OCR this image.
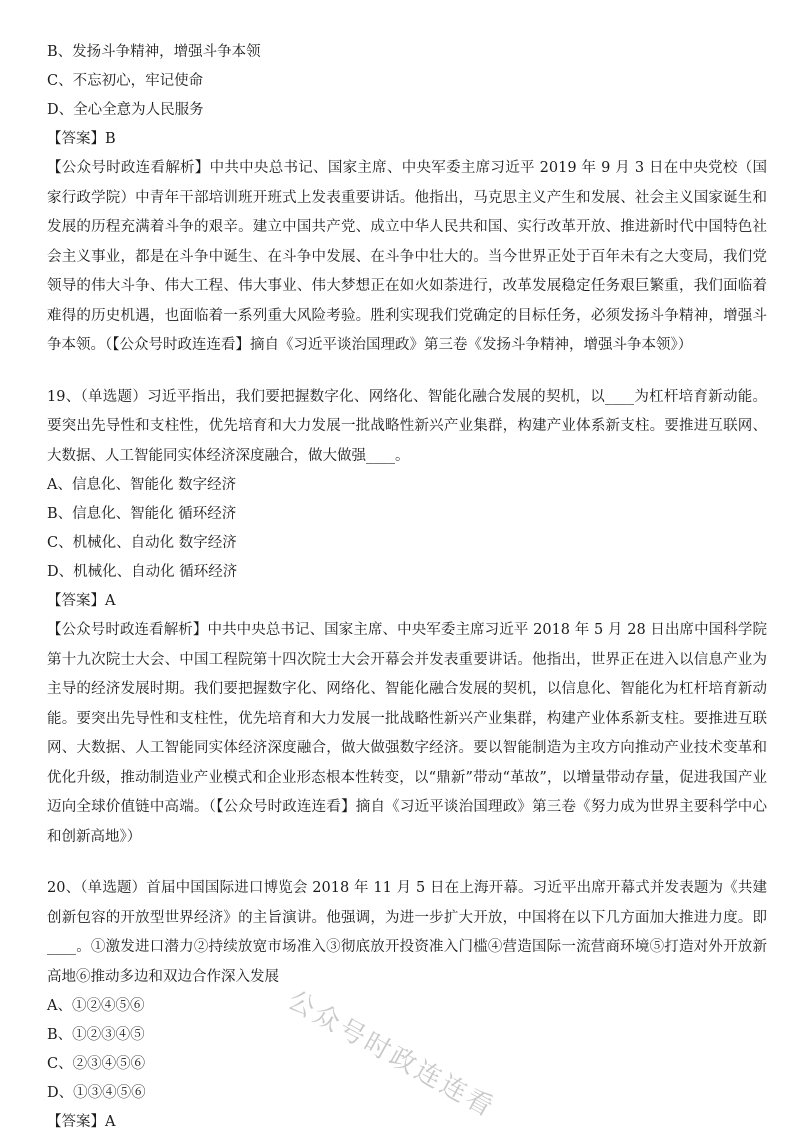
B、发扬斗争精神，增强斗争本领
C、不忘初心，牢记使命
D、全心全意为人民服务
【答案】B
【公众号时政连看解析】中共中央总书记、国家主席、中央军委主席习近平 2019 年 9 月 3 日在中央党校（国家行政学院）中青年干部培训班开班式上发表重要讲话。他指出，马克思主义产生和发展、社会主义国家诞生和发展的历程充满着斗争的艰辛。建立中国共产党、成立中华人民共和国、实行改革开放、推进新时代中国特色社会主义事业，都是在斗争中诞生、在斗争中发展、在斗争中壮大的。当今世界正处于百年未有之大变局，我们党领导的伟大斗争、伟大工程、伟大事业、伟大梦想正在如火如荼进行，改革发展稳定任务艰巨繁重，我们面临着难得的历史机遇，也面临着一系列重大风险考验。胜利实现我们党确定的目标任务，必须发扬斗争精神，增强斗争本领。（【公众号时政连连看】摘自《习近平谈治国理政》第三卷《发扬斗争精神，增强斗争本领》）
19、（单选题）习近平指出，我们要把握数字化、网络化、智能化融合发展的契机，以____为杠杆培育新动能。要突出先导性和支柱性，优先培育和大力发展一批战略性新兴产业集群，构建产业体系新支柱。要推进互联网、大数据、人工智能同实体经济深度融合，做大做强____。
A、信息化、智能化 数字经济
B、信息化、智能化 循环经济
C、机械化、自动化 数字经济
D、机械化、自动化 循环经济
【答案】A
【公众号时政连看解析】中共中央总书记、国家主席、中央军委主席习近平 2018 年 5 月 28 日出席中国科学院第十九次院士大会、中国工程院第十四次院士大会开幕会并发表重要讲话。他指出，世界正在进入以信息产业为主导的经济发展时期。我们要把握数字化、网络化、智能化融合发展的契机，以信息化、智能化为杠杆培育新动能。要突出先导性和支柱性，优先培育和大力发展一批战略性新兴产业集群，构建产业体系新支柱。要推进互联网、大数据、人工智能同实体经济深度融合，做大做强数字经济。要以智能制造为主攻方向推动产业技术变革和优化升级，推动制造业产业模式和企业形态根本性转变，以“鼎新”带动“革故”，以增量带动存量，促进我国产业迈向全球价值链中高端。（【公众号时政连连看】摘自《习近平谈治国理政》第三卷《努力成为世界主要科学中心和创新高地》）
20、（单选题）首届中国国际进口博览会 2018 年 11 月 5 日在上海开幕。习近平出席开幕式并发表题为《共建创新包容的开放型世界经济》的主旨演讲。他强调，为进一步扩大开放，中国将在以下几方面加大推进力度。即____。①激发进口潜力②持续放宽市场准入③彻底放开投资准入门槛④营造国际一流营商环境⑤打造对外开放新高地⑥推动多边和双边合作深入发展
A、①②④⑤⑥
B、①②③④⑤
C、②③④⑤⑥
D、①③④⑤⑥
【答案】A	公众号时政连连看
